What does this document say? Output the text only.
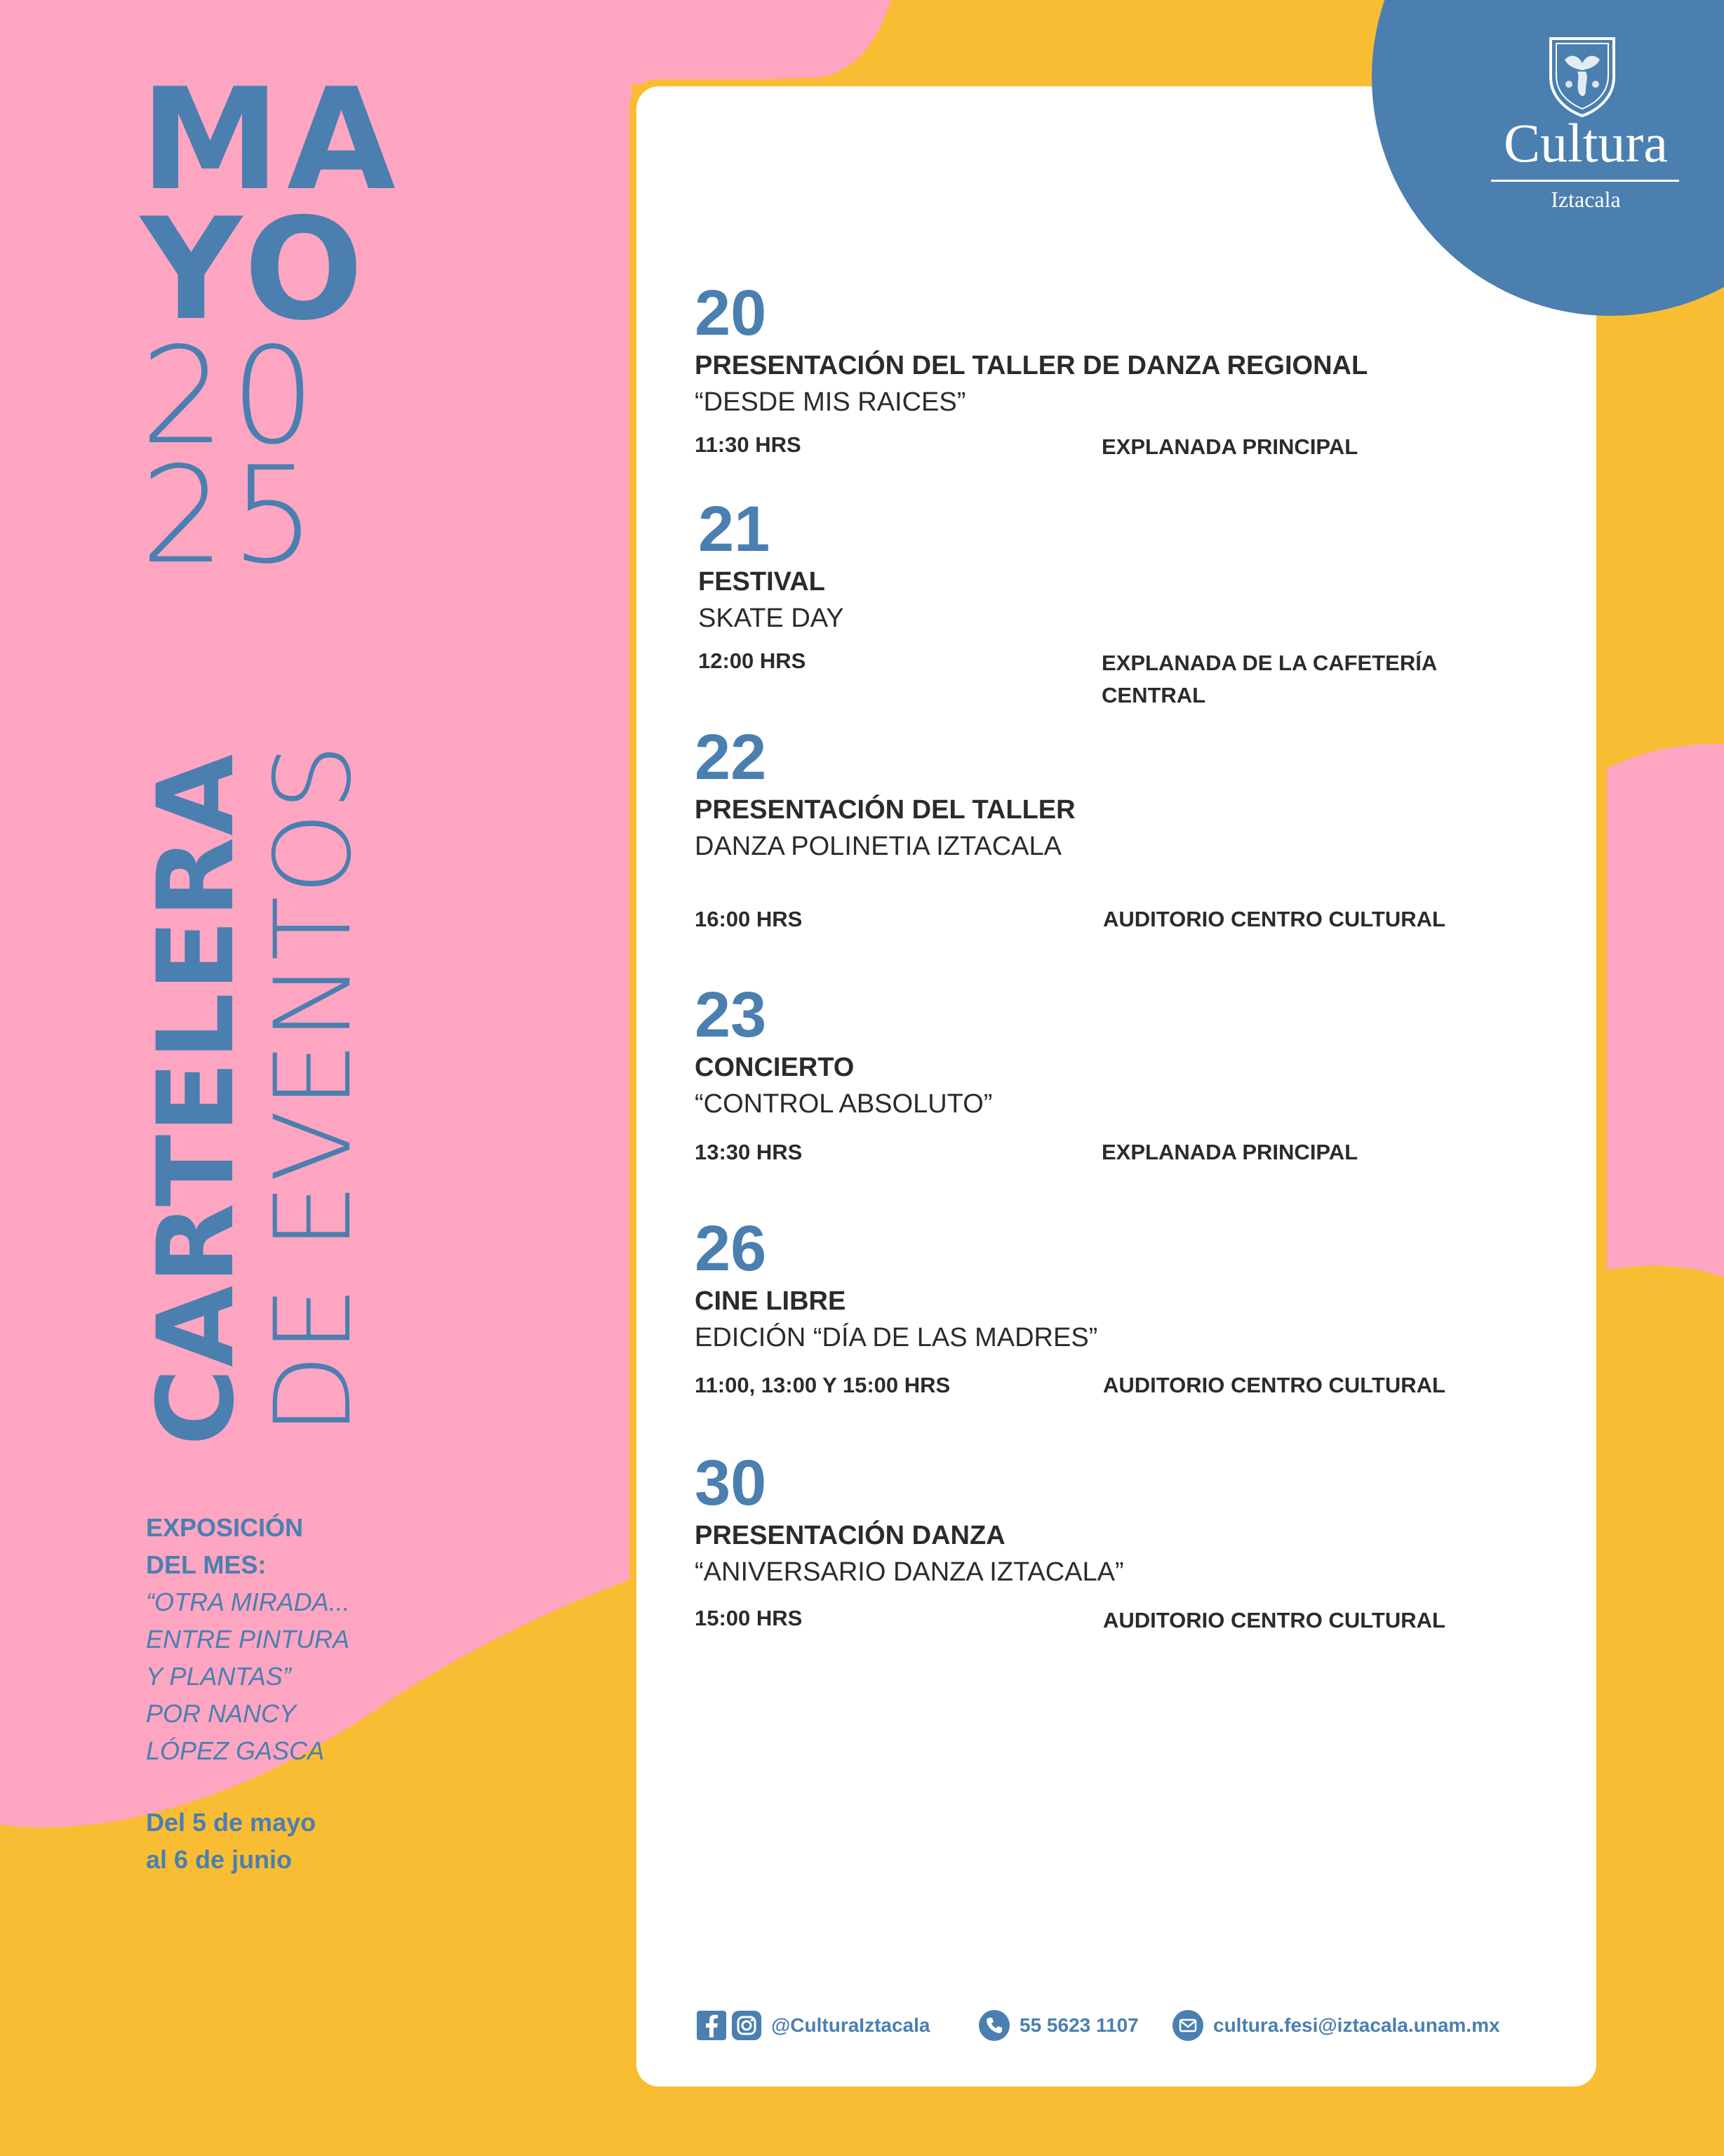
MA
YO
20
25
CARTELERA
DE EVENTOS
EXPOSICIÓN
DEL MES:
“OTRA MIRADA...
ENTRE PINTURA
Y PLANTAS”
POR NANCY
LÓPEZ GASCA
Del 5 de mayo
al 6 de junio
Cultura
Iztacala
20
PRESENTACIÓN DEL TALLER DE DANZA REGIONAL
“DESDE MIS RAICES”
11:30 HRS	EXPLANADA PRINCIPAL
21
FESTIVAL
SKATE DAY
12:00 HRS	EXPLANADA DE LA CAFETERÍA CENTRAL
22
PRESENTACIÓN DEL TALLER
DANZA POLINETIA IZTACALA
16:00 HRS	AUDITORIO CENTRO CULTURAL
23
CONCIERTO
“CONTROL ABSOLUTO”
13:30 HRS	EXPLANADA PRINCIPAL
26
CINE LIBRE
EDICIÓN “DÍA DE LAS MADRES”
11:00, 13:00 Y 15:00 HRS	AUDITORIO CENTRO CULTURAL
30
PRESENTACIÓN DANZA
“ANIVERSARIO DANZA IZTACALA”
15:00 HRS	AUDITORIO CENTRO CULTURAL
@CulturaIztacala	55 5623 1107	cultura.fesi@iztacala.unam.mx
